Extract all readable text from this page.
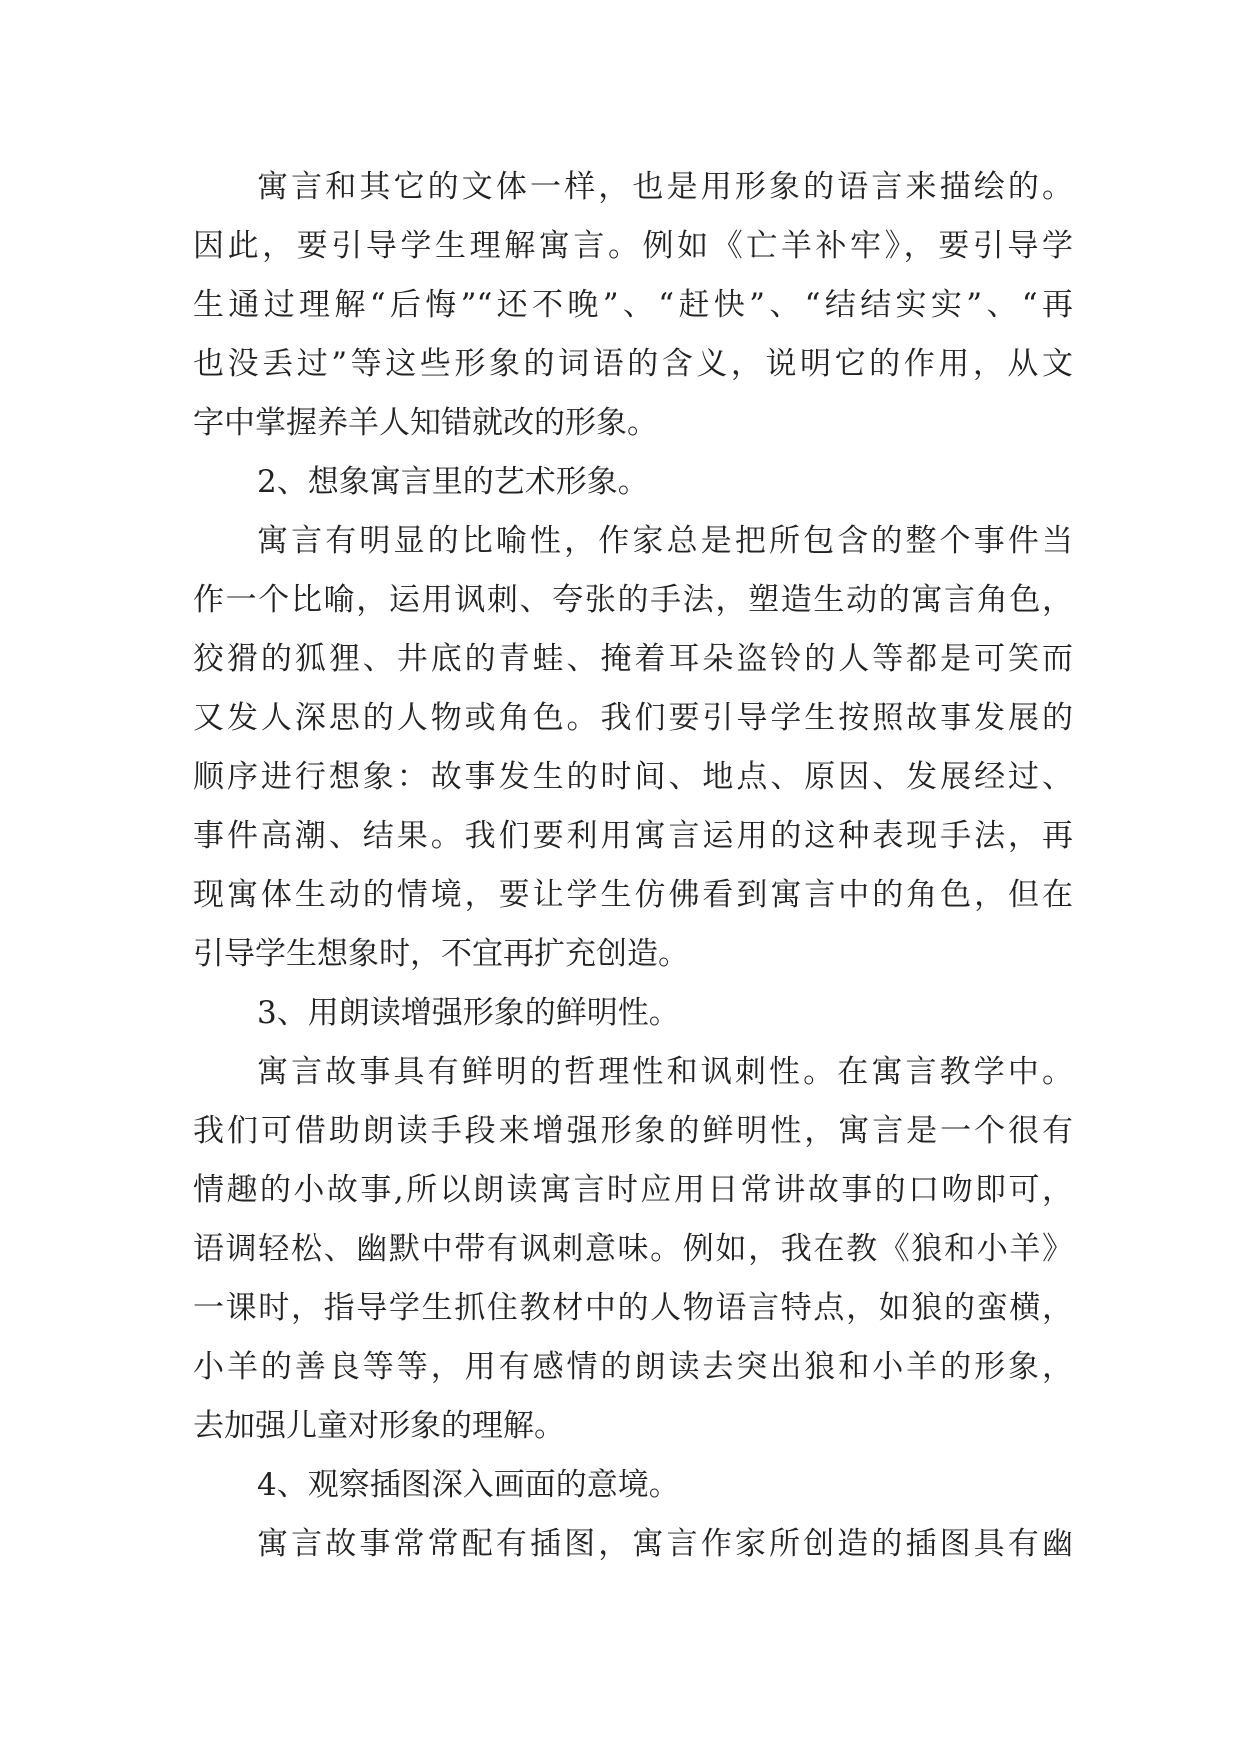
寓言和其它的文体一样，也是用形象的语言来描绘的。
因此，要引导学生理解寓言。例如《亡羊补牢》，要引导学
生通过理解“后悔”“还不晚”、“赶快”、“结结实实”、“再
也没丢过”等这些形象的词语的含义，说明它的作用，从文
字中掌握养羊人知错就改的形象。
2、想象寓言里的艺术形象。
寓言有明显的比喻性，作家总是把所包含的整个事件当
作一个比喻，运用讽刺、夸张的手法，塑造生动的寓言角色，
狡猾的狐狸、井底的青蛙、掩着耳朵盗铃的人等都是可笑而
又发人深思的人物或角色。我们要引导学生按照故事发展的
顺序进行想象：故事发生的时间、地点、原因、发展经过、
事件高潮、结果。我们要利用寓言运用的这种表现手法，再
现寓体生动的情境，要让学生仿佛看到寓言中的角色，但在
引导学生想象时，不宜再扩充创造。
3、用朗读增强形象的鲜明性。
寓言故事具有鲜明的哲理性和讽刺性。在寓言教学中。
我们可借助朗读手段来增强形象的鲜明性，寓言是一个很有
情趣的小故事,所以朗读寓言时应用日常讲故事的口吻即可，
语调轻松、幽默中带有讽刺意味。例如，我在教《狼和小羊》
一课时，指导学生抓住教材中的人物语言特点，如狼的蛮横，
小羊的善良等等，用有感情的朗读去突出狼和小羊的形象，
去加强儿童对形象的理解。
4、观察插图深入画面的意境。
寓言故事常常配有插图，寓言作家所创造的插图具有幽
